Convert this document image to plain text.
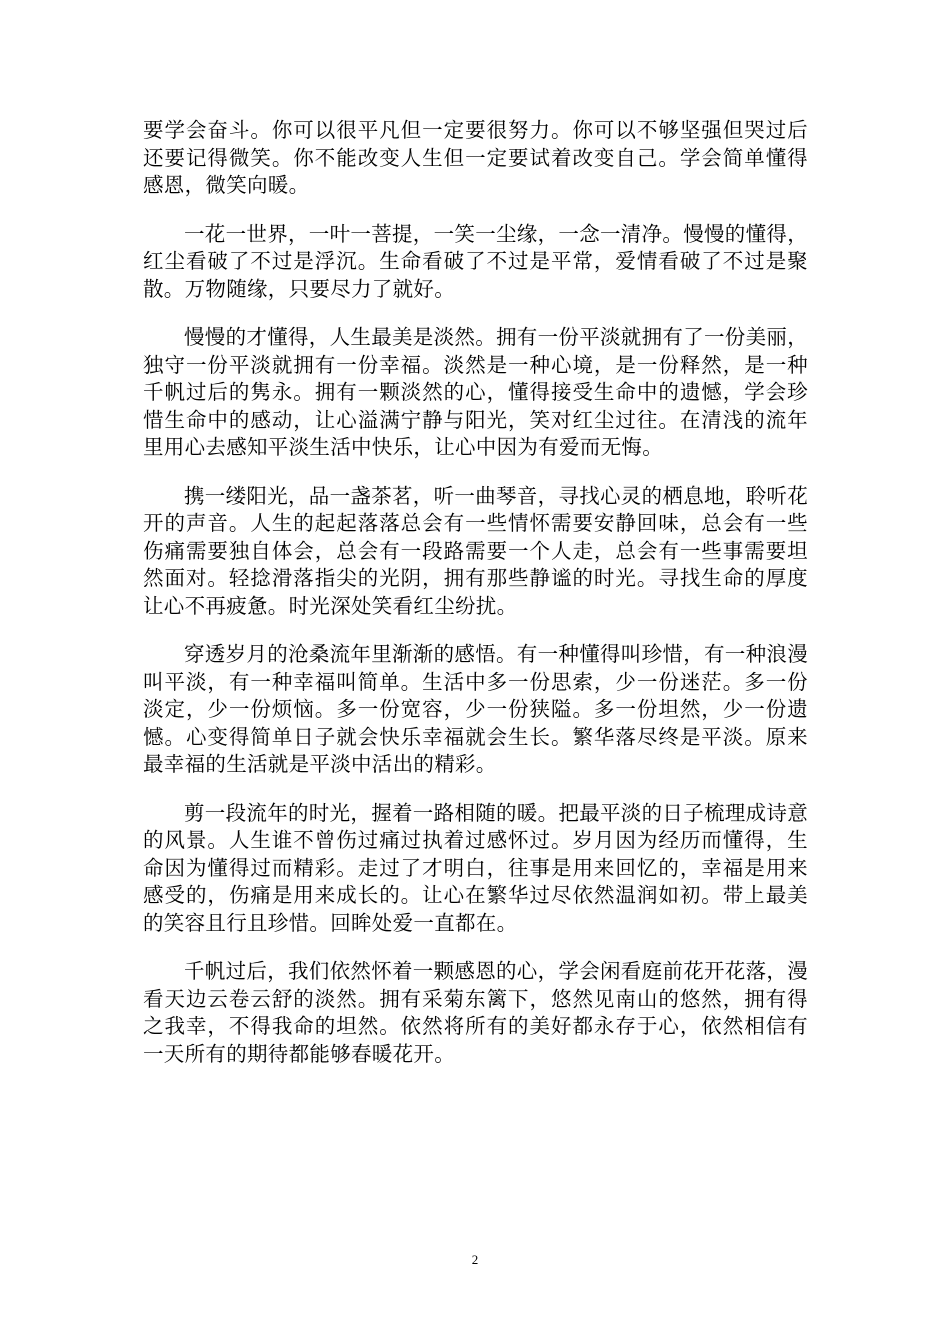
要学会奋斗。你可以很平凡但一定要很努力。你可以不够坚强但哭过后还要记得微笑。你不能改变人生但一定要试着改变自己。学会简单懂得感恩，微笑向暖。

一花一世界，一叶一菩提，一笑一尘缘，一念一清净。慢慢的懂得，红尘看破了不过是浮沉。生命看破了不过是平常，爱情看破了不过是聚散。万物随缘，只要尽力了就好。

慢慢的才懂得，人生最美是淡然。拥有一份平淡就拥有了一份美丽，独守一份平淡就拥有一份幸福。淡然是一种心境，是一份释然，是一种千帆过后的隽永。拥有一颗淡然的心，懂得接受生命中的遗憾，学会珍惜生命中的感动，让心溢满宁静与阳光，笑对红尘过往。在清浅的流年里用心去感知平淡生活中快乐，让心中因为有爱而无悔。

携一缕阳光，品一盏茶茗，听一曲琴音，寻找心灵的栖息地，聆听花开的声音。人生的起起落落总会有一些情怀需要安静回味，总会有一些伤痛需要独自体会，总会有一段路需要一个人走，总会有一些事需要坦然面对。轻捻滑落指尖的光阴，拥有那些静谧的时光。寻找生命的厚度让心不再疲惫。时光深处笑看红尘纷扰。

穿透岁月的沧桑流年里渐渐的感悟。有一种懂得叫珍惜，有一种浪漫叫平淡，有一种幸福叫简单。生活中多一份思索，少一份迷茫。多一份淡定，少一份烦恼。多一份宽容，少一份狭隘。多一份坦然，少一份遗憾。心变得简单日子就会快乐幸福就会生长。繁华落尽终是平淡。原来最幸福的生活就是平淡中活出的精彩。

剪一段流年的时光，握着一路相随的暖。把最平淡的日子梳理成诗意的风景。人生谁不曾伤过痛过执着过感怀过。岁月因为经历而懂得，生命因为懂得过而精彩。走过了才明白，往事是用来回忆的，幸福是用来感受的，伤痛是用来成长的。让心在繁华过尽依然温润如初。带上最美的笑容且行且珍惜。回眸处爱一直都在。

千帆过后，我们依然怀着一颗感恩的心，学会闲看庭前花开花落，漫看天边云卷云舒的淡然。拥有采菊东篱下，悠然见南山的悠然，拥有得之我幸，不得我命的坦然。依然将所有的美好都永存于心，依然相信有一天所有的期待都能够春暖花开。

2
